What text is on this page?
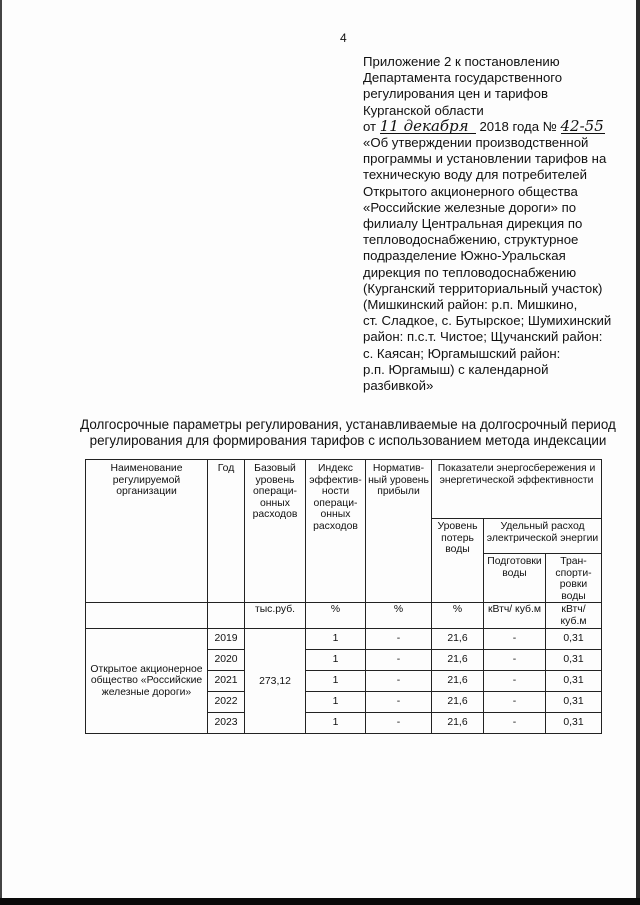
4
Приложение 2 к постановлению
Департамента государственного
регулирования цен и тарифов
Курганской области
от 11 декабря 2018 года № 42-55
«Об утверждении производственной
программы и установлении тарифов на
техническую воду для потребителей
Открытого акционерного общества
«Российские железные дороги» по
филиалу Центральная дирекция по
тепловодоснабжению, структурное
подразделение Южно-Уральская
дирекция по тепловодоснабжению
(Курганский территориальный участок)
(Мишкинский район: р.п. Мишкино,
ст. Сладкое, с. Бутырское; Шумихинский
район: п.с.т. Чистое; Щучанский район:
с. Каясан; Юргамышский район:
р.п. Юргамыш) с календарной
разбивкой»
Долгосрочные параметры регулирования, устанавливаемые на долгосрочный период
регулирования для формирования тарифов с использованием метода индексации
Наименование регулируемой организации	Год	Базовый уровень операци-онных расходов	Индекс эффектив-ности операци-онных расходов	Норматив-ный уровень прибыли	Показатели энергосбережения и энергетической эффективности		
					Уровень потерь воды	Удельный расход электрической энергии	
						Подготовки воды	Тран-спорти-ровки воды
		тыс.руб.	%	%	%	кВтч/ куб.м	кВтч/ куб.м
Открытое акционерное общество «Российские железные дороги»	2019	273,12	1	-	21,6	-	0,31
	2020		1	-	21,6	-	0,31
	2021		1	-	21,6	-	0,31
	2022		1	-	21,6	-	0,31
	2023		1	-	21,6	-	0,31
